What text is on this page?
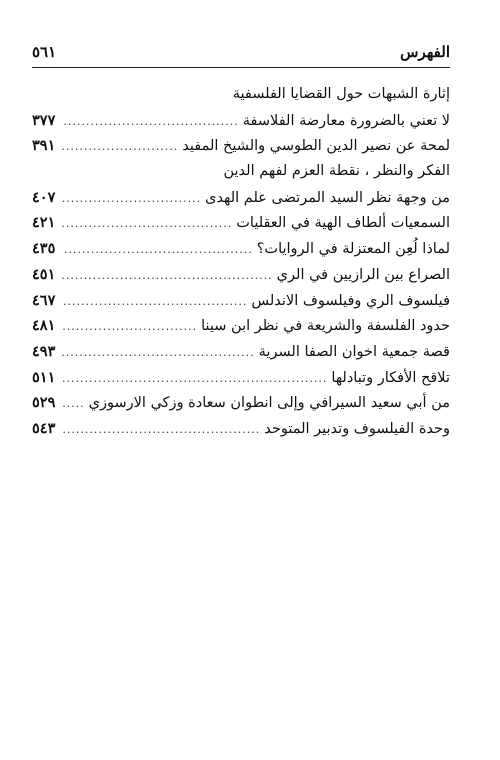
الفهرس
٥٦١
إثارة الشبهات حول القضايا الفلسفية
لا تعني بالضرورة معارضة الفلاسفة
.....
٣٧٧
لمحة عن نصير الدين الطوسي والشيخ المفيد
.....
٣٩١
الفكر والنظر ، نقطة العزم لفهم الدين
من وجهة نظر السيد المرتضى علم الهدى
.....
٤٠٧
السمعيات ألطاف الهية في العقليات
.....
٤٢١
لماذا لُعِن المعتزلة في الروايات؟
.....
٤٣٥
الصراع بين الرازيين في الري
.....
٤٥١
فيلسوف الري وفيلسوف الاندلس
.....
٤٦٧
حدود الفلسفة والشريعة في نظر ابن سينا
.....
٤٨١
قصة جمعية اخوان الصفا السرية
.....
٤٩٣
تلاقح الأفكار وتبادلها
.....
٥١١
من أبي سعيد السيرافي وإلى انطوان سعادة وزكي الارسوزي
.....
٥٢٩
وحدة الفيلسوف وتدبير المتوحد
.....
٥٤٣
